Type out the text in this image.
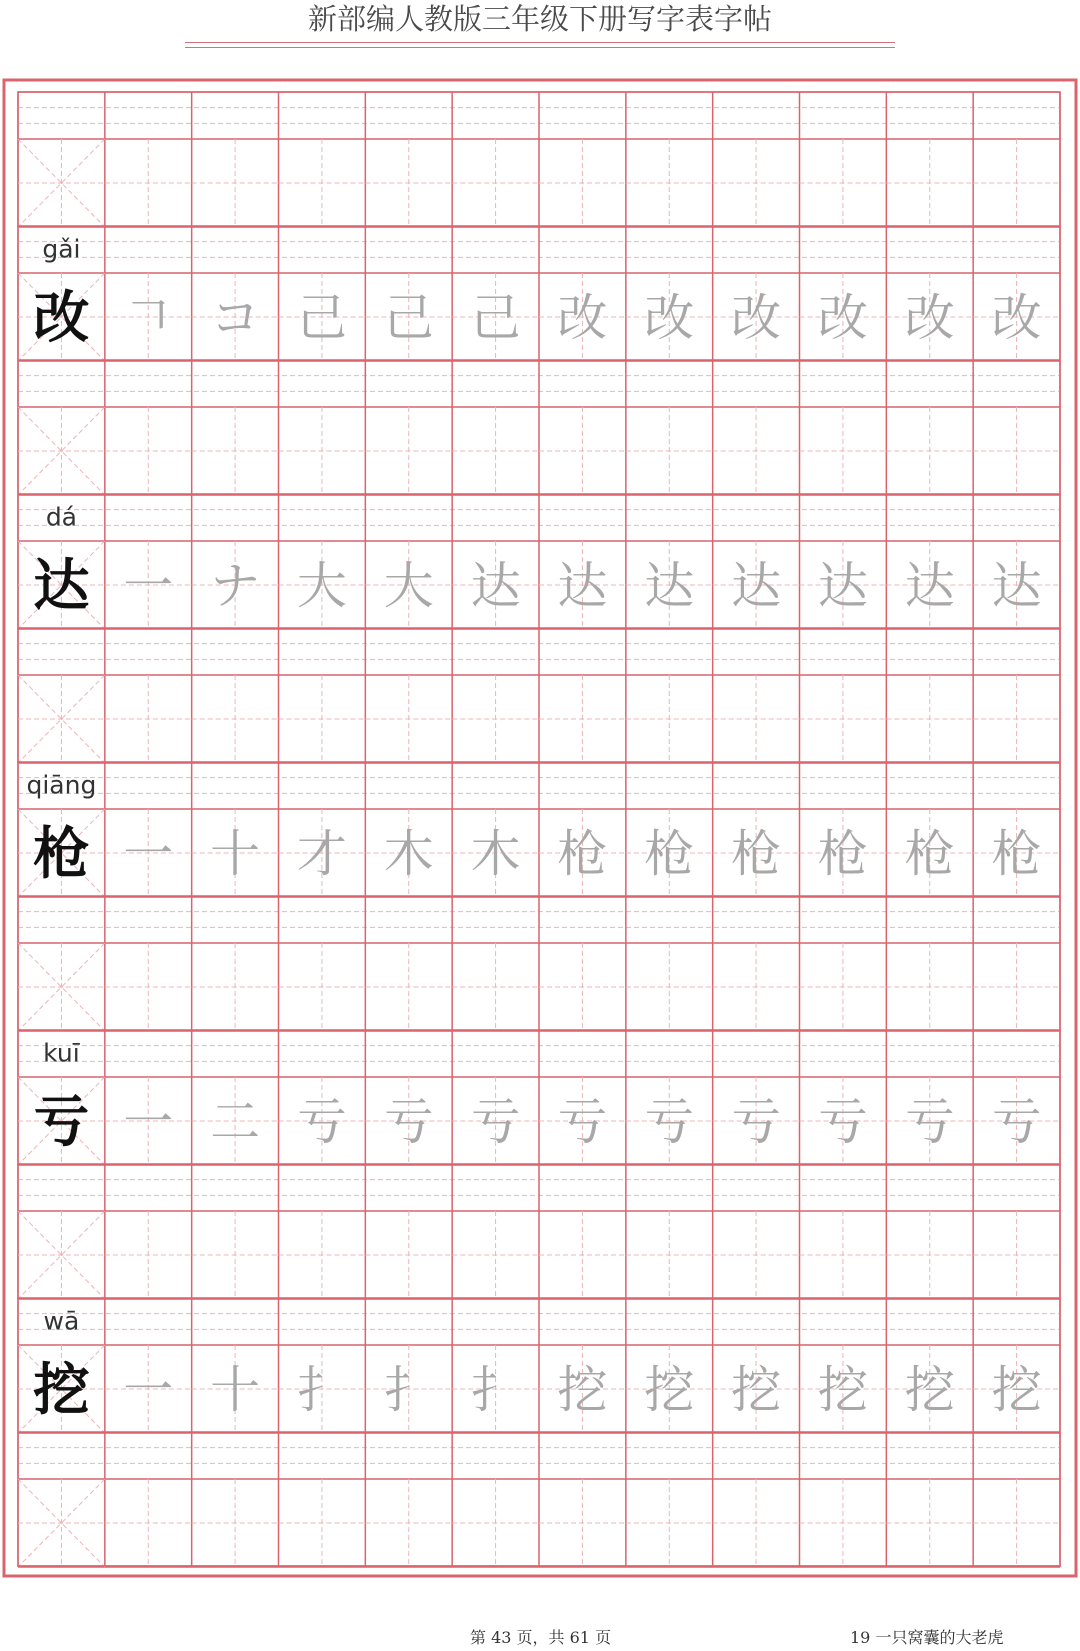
新部编人教版三年级下册写字表字帖
gǎi
改 𠃍 コ 己 己 己 改 改 改 改 改 改
dá
达 一 ナ 大 大 达 达 达 达 达 达 达
qiāng
枪 一 十 才 木 木 枪 枪 枪 枪 枪 枪
kuī
亏 一 二 亏 亏 亏 亏 亏 亏 亏 亏 亏
wā
挖 一 十 扌 扌 扌 挖 挖 挖 挖 挖 挖
第 43 页，共 61 页	19 一只窝囊的大老虎
